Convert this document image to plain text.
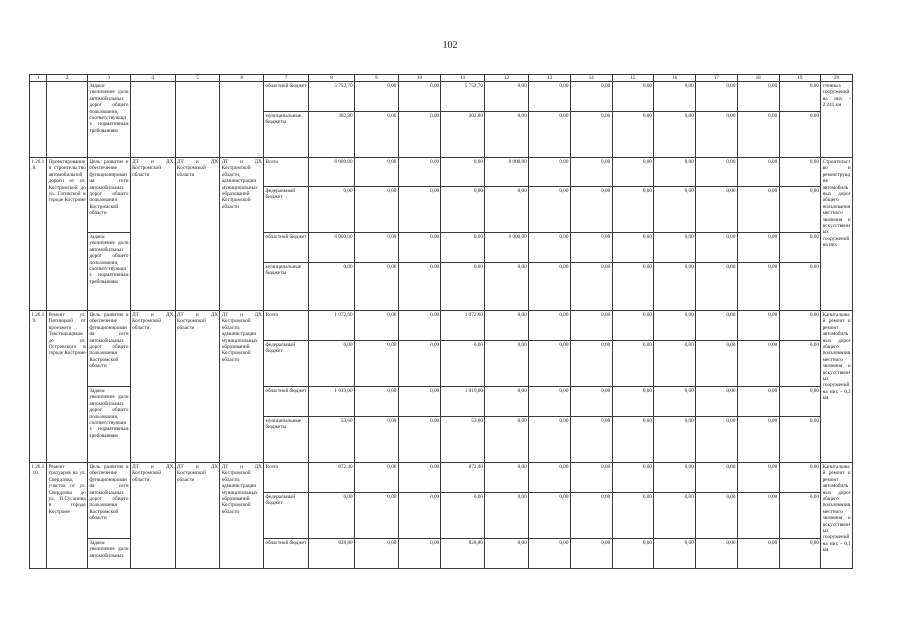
102
1	2	3	4	5	6	7	8	9	10	11	12	13	14	15	16	17	18	19	20
		Задача: увеличение доли автомобильных дорог общего пользования, соответствующих нормативным требованиям				областной бюджет	5 752,70	0,00	0,00	5 752,70	0,00	0,00	0,00	0,00	0,00	0,00	0,00	0,00	стенных сооружений на них - 2,241 км
						муниципальные бюджеты	302,80	0,00	0,00	302,80	0,00	0,00	0,00	0,00	0,00	0,00	0,00	0,00	
1.26.1.8.	Проектирование и строительство автомобильной дороги от ул. Костромской до ул. Гагинской в городе Костроме	Цель: развитие и обеспечение функционирования сети автомобильных дорог общего пользования Костромской области	ДТ и ДХ Костромской области	ДТ и ДХ Костромской области	ДТ и ДХ Костромской области, администрации муниципальных образований Костромской области	Всего	6 000,00	0,00	0,00	0,00	6 000,00	0,00	0,00	0,00	0,00	0,00	0,00	0,00	Строительство и реконструкция автомобильных дорог общего пользования местного значения и искусственных сооружений на них
						федеральный бюджет	0,00	0,00	0,00	0,00	0,00	0,00	0,00	0,00	0,00	0,00	0,00	0,00	
		Задача: увеличение доли автомобильных дорог общего пользования, соответствующих нормативным требованиям				областной бюджет	6 000,00	0,00	0,00	0,00	6 000,00	0,00	0,00	0,00	0,00	0,00	0,00	0,00	
						муниципальные бюджеты	0,00	0,00	0,00	0,00	0,00	0,00	0,00	0,00	0,00	0,00	0,00	0,00	
1.26.1.9.	Ремонт ул. Пятницкой от проезжего Текстильщиков до ул. Островского в городе Костроме	Цель: развитие и обеспечение функционирования сети автомобильных дорог общего пользования Костромской области	ДТ и ДХ Костромской области	ДТ и ДХ Костромской области	ДТ и ДХ Костромской области, администрации муниципальных образований Костромской области	Всего	1 072,60	0,00	0,00	1 072,60	0,00	0,00	0,00	0,00	0,00	0,00	0,00	0,00	Капитальный ремонт и ремонт автомобильных дорог общего пользования местного значения и искусственных сооружений на них - 0,2 км
						федеральный бюджет	0,00	0,00	0,00	0,00	0,00	0,00	0,00	0,00	0,00	0,00	0,00	0,00	
		Задача: увеличение доли автомобильных дорог общего пользования, соответствующих нормативным требованиям				областной бюджет	1 019,00	0,00	0,00	1 019,00	0,00	0,00	0,00	0,00	0,00	0,00	0,00	0,00	
						муниципальные бюджеты	53,60	0,00	0,00	53,60	0,00	0,00	0,00	0,00	0,00	0,00	0,00	0,00	
1.26.1.10.	Ремонт тротуаров на ул. Свердлова, участок от ул. Свердлова до ул. И.Сусанина в городе Костроме	Цель: развитие и обеспечение функционирования сети автомобильных дорог общего пользования Костромской области	ДТ и ДХ Костромской области	ДТ и ДХ Костромской области	ДТ и ДХ Костромской области, администрации муниципальных образований Костромской области	Всего	872,40	0,00	0,00	872,40	0,00	0,00	0,00	0,00	0,00	0,00	0,00	0,00	Капитальный ремонт и ремонт автомобильных дорог общего пользования местного значения и искусственных сооружений на них - 0,1 км
						федеральный бюджет	0,00	0,00	0,00	0,00	0,00	0,00	0,00	0,00	0,00	0,00	0,00	0,00	
		Задача: увеличение доли автомобильных				областной бюджет	828,80	0,00	0,00	828,80	0,00	0,00	0,00	0,00	0,00	0,00	0,00	0,00	
